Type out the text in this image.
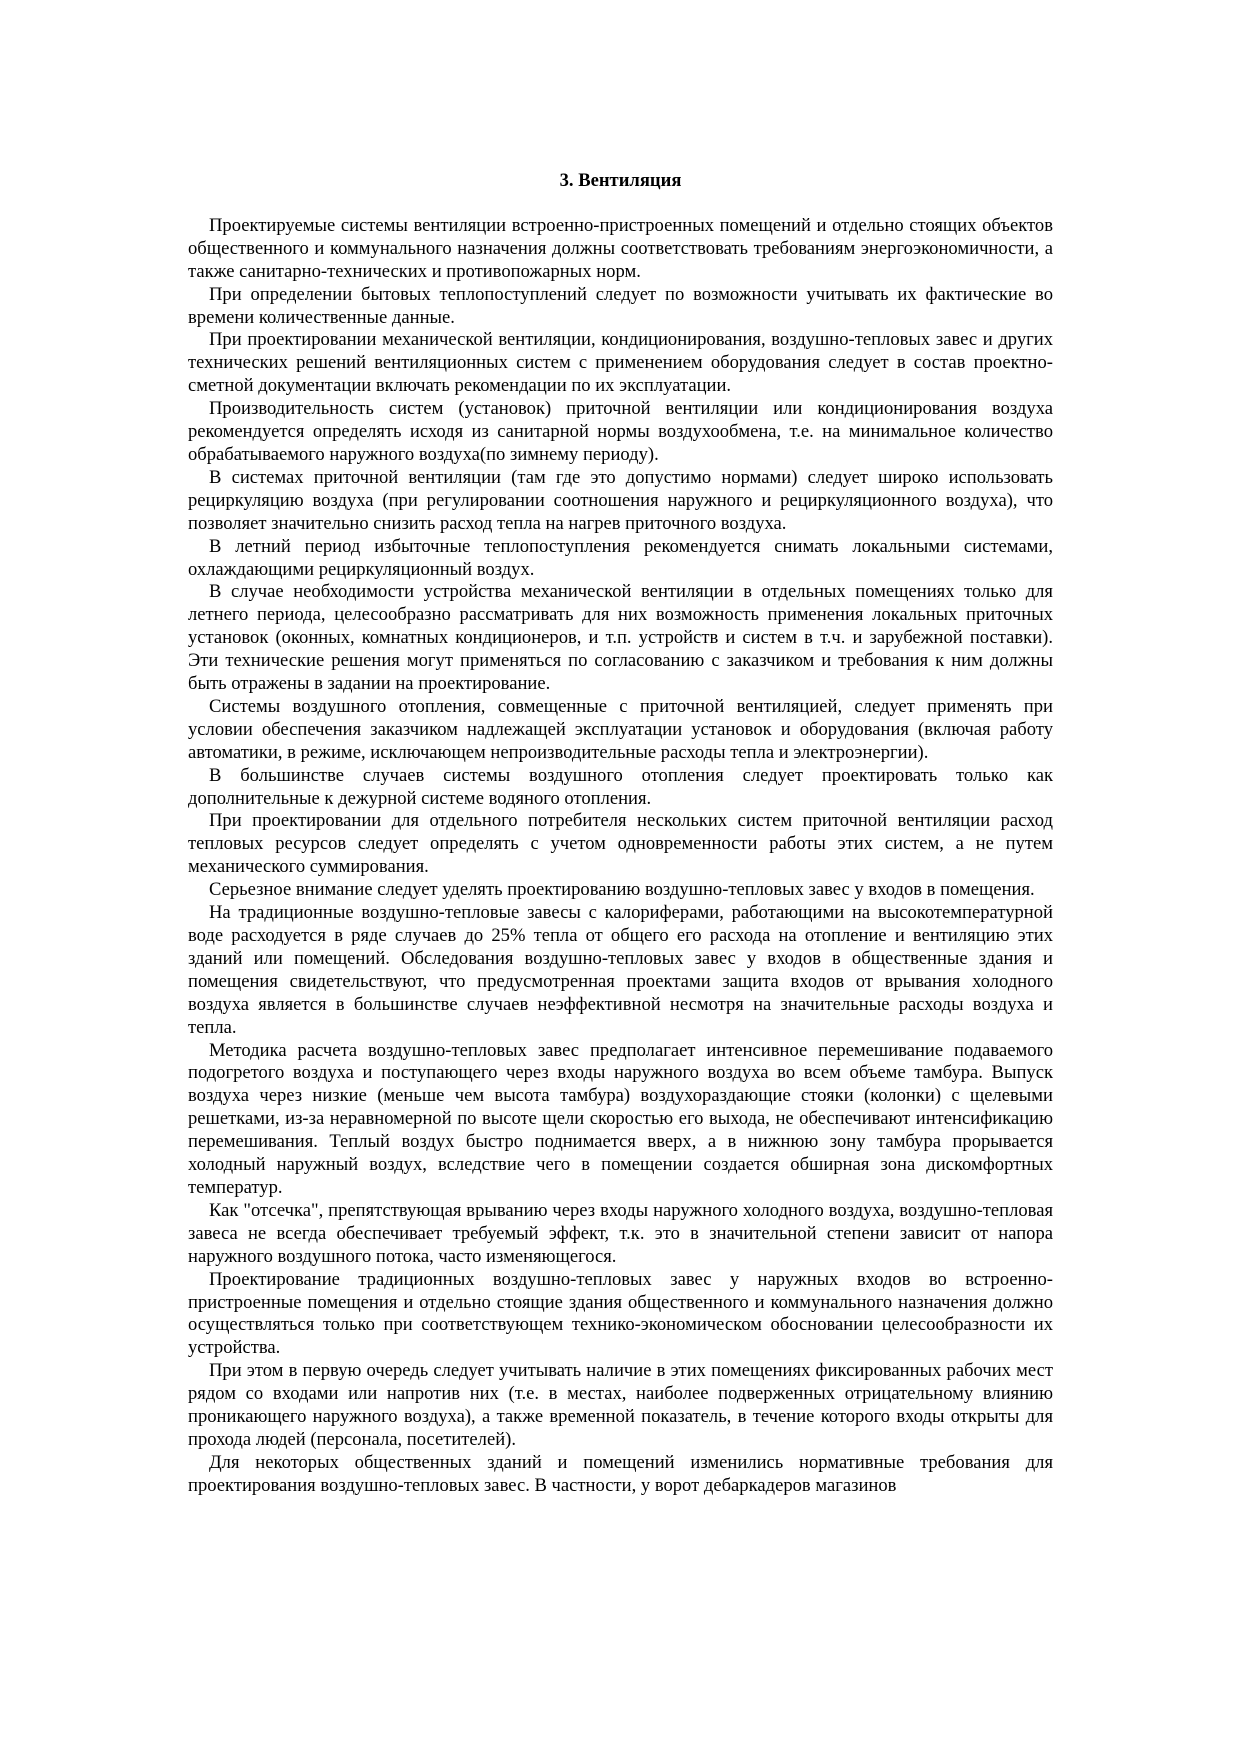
3. Вентиляция

Проектируемые системы вентиляции встроенно-пристроенных помещений и отдельно стоящих объектов общественного и коммунального назначения должны соответствовать требованиям энергоэкономичности, а также санитарно-технических и противопожарных норм.

При определении бытовых теплопоступлений следует по возможности учитывать их фактические во времени количественные данные.

При проектировании механической вентиляции, кондиционирования, воздушно-тепловых завес и других технических решений вентиляционных систем с применением оборудования следует в состав проектно-сметной документации включать рекомендации по их эксплуатации.

Производительность систем (установок) приточной вентиляции или кондиционирования воздуха рекомендуется определять исходя из санитарной нормы воздухообмена, т.е. на минимальное количество обрабатываемого наружного воздуха(по зимнему периоду).

В системах приточной вентиляции (там где это допустимо нормами) следует широко использовать рециркуляцию воздуха (при регулировании соотношения наружного и рециркуляционного воздуха), что позволяет значительно снизить расход тепла на нагрев приточного воздуха.

В летний период избыточные теплопоступления рекомендуется снимать локальными системами, охлаждающими рециркуляционный воздух.

В случае необходимости устройства механической вентиляции в отдельных помещениях только для летнего периода, целесообразно рассматривать для них возможность применения локальных приточных установок (оконных, комнатных кондиционеров, и т.п. устройств и систем в т.ч. и зарубежной поставки). Эти технические решения могут применяться по согласованию с заказчиком и требования к ним должны быть отражены в задании на проектирование.

Системы воздушного отопления, совмещенные с приточной вентиляцией, следует применять при условии обеспечения заказчиком надлежащей эксплуатации установок и оборудования (включая работу автоматики, в режиме, исключающем непроизводительные расходы тепла и электроэнергии).

В большинстве случаев системы воздушного отопления следует проектировать только как дополнительные к дежурной системе водяного отопления.

При проектировании для отдельного потребителя нескольких систем приточной вентиляции расход тепловых ресурсов следует определять с учетом одновременности работы этих систем, а не путем механического суммирования.

Серьезное внимание следует уделять проектированию воздушно-тепловых завес у входов в помещения.

На традиционные воздушно-тепловые завесы с калориферами, работающими на высокотемпературной воде расходуется в ряде случаев до 25% тепла от общего его расхода на отопление и вентиляцию этих зданий или помещений. Обследования воздушно-тепловых завес у входов в общественные здания и помещения свидетельствуют, что предусмотренная проектами защита входов от врывания холодного воздуха является в большинстве случаев неэффективной несмотря на значительные расходы воздуха и тепла.

Методика расчета воздушно-тепловых завес предполагает интенсивное перемешивание подаваемого подогретого воздуха и поступающего через входы наружного воздуха во всем объеме тамбура. Выпуск воздуха через низкие (меньше чем высота тамбура) воздухораздающие стояки (колонки) с щелевыми решетками, из-за неравномерной по высоте щели скоростью его выхода, не обеспечивают интенсификацию перемешивания. Теплый воздух быстро поднимается вверх, а в нижнюю зону тамбура прорывается холодный наружный воздух, вследствие чего в помещении создается обширная зона дискомфортных температур.

Как "отсечка", препятствующая врыванию через входы наружного холодного воздуха, воздушно-тепловая завеса не всегда обеспечивает требуемый эффект, т.к. это в значительной степени зависит от напора наружного воздушного потока, часто изменяющегося.

Проектирование традиционных воздушно-тепловых завес у наружных входов во встроенно-пристроенные помещения и отдельно стоящие здания общественного и коммунального назначения должно осуществляться только при соответствующем технико-экономическом обосновании целесообразности их устройства.

При этом в первую очередь следует учитывать наличие в этих помещениях фиксированных рабочих мест рядом со входами или напротив них (т.е. в местах, наиболее подверженных отрицательному влиянию проникающего наружного воздуха), а также временной показатель, в течение которого входы открыты для прохода людей (персонала, посетителей).

Для некоторых общественных зданий и помещений изменились нормативные требования для проектирования воздушно-тепловых завес. В частности, у ворот дебаркадеров магазинов
